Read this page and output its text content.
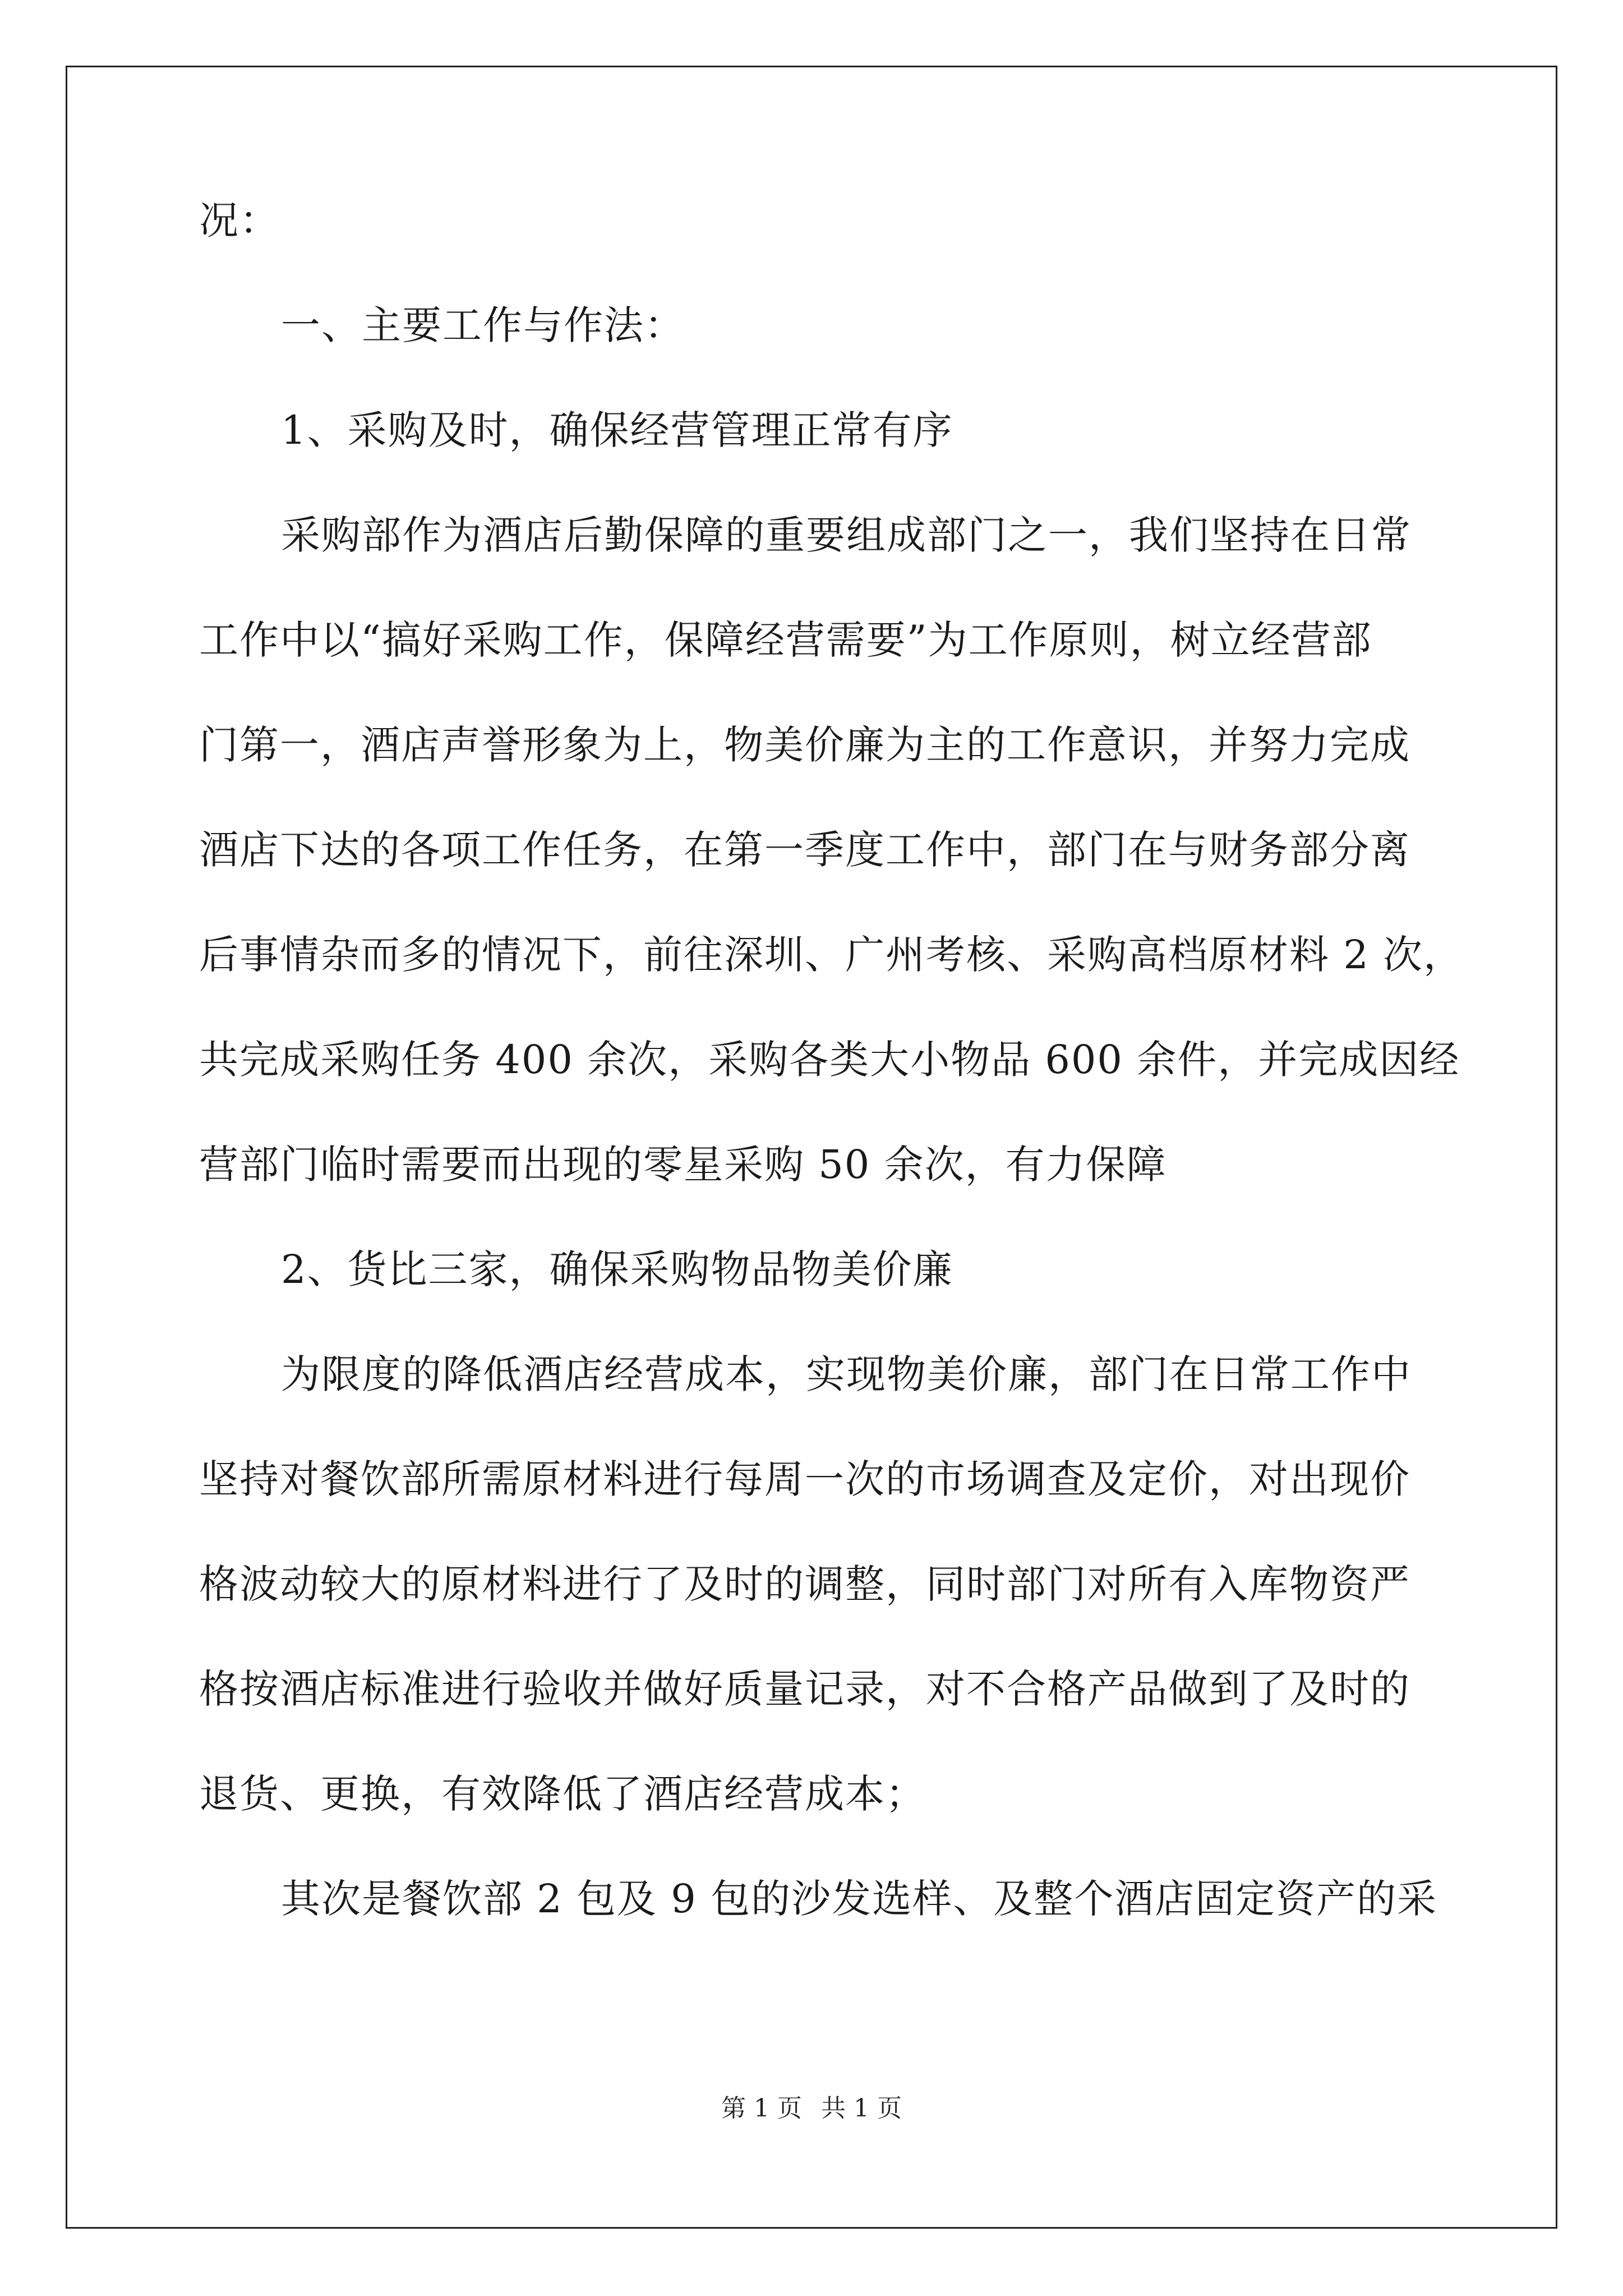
况：
一、主要工作与作法：
1、采购及时，确保经营管理正常有序
采购部作为酒店后勤保障的重要组成部门之一，我们坚持在日常
工作中以“搞好采购工作，保障经营需要”为工作原则，树立经营部
门第一，酒店声誉形象为上，物美价廉为主的工作意识，并努力完成
酒店下达的各项工作任务，在第一季度工作中，部门在与财务部分离
后事情杂而多的情况下，前往深圳、广州考核、采购高档原材料 2 次，
共完成采购任务 400 余次，采购各类大小物品 600 余件，并完成因经
营部门临时需要而出现的零星采购 50 余次，有力保障
2、货比三家，确保采购物品物美价廉
为限度的降低酒店经营成本，实现物美价廉，部门在日常工作中
坚持对餐饮部所需原材料进行每周一次的市场调查及定价，对出现价
格波动较大的原材料进行了及时的调整，同时部门对所有入库物资严
格按酒店标准进行验收并做好质量记录，对不合格产品做到了及时的
退货、更换，有效降低了酒店经营成本；
其次是餐饮部 2 包及 9 包的沙发选样、及整个酒店固定资产的采
第 1 页 共 1 页
